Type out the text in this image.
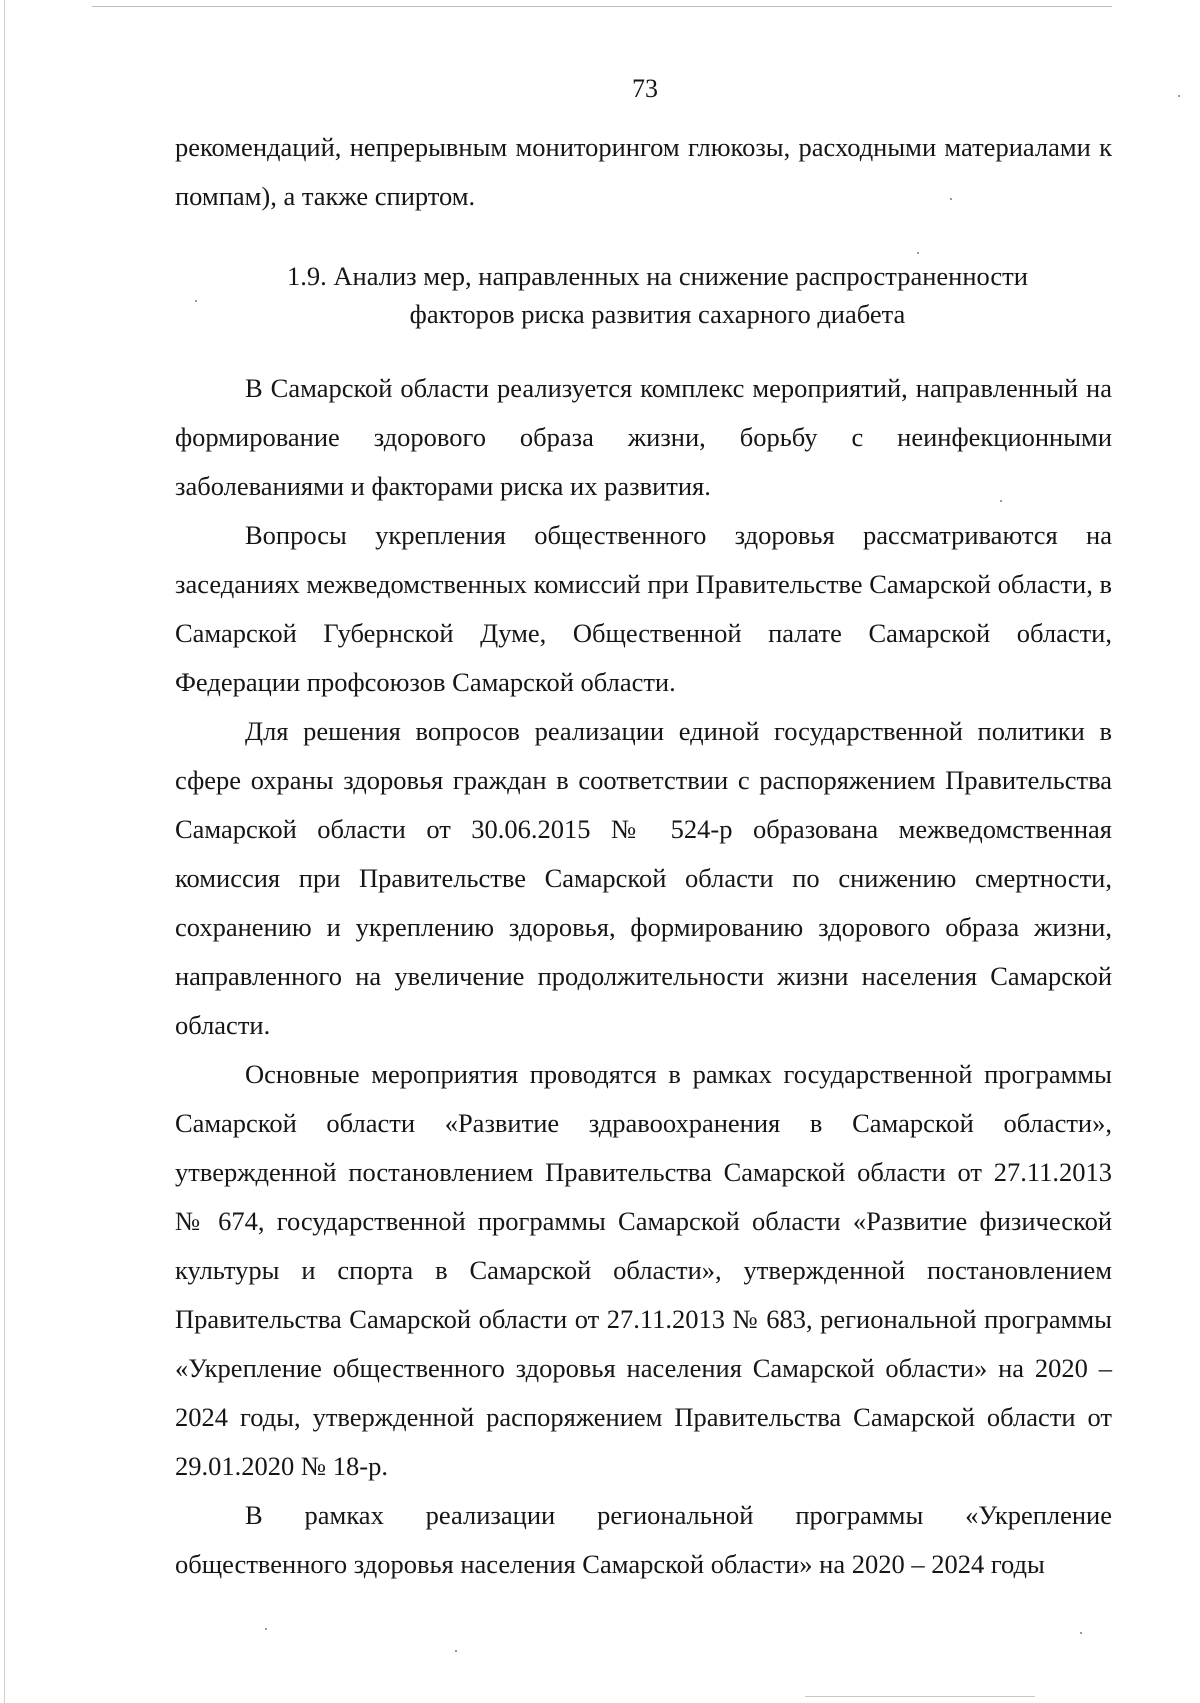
73

рекомендаций, непрерывным мониторингом глюкозы, расходными материалами к помпам), а также спиртом.

1.9. Анализ мер, направленных на снижение распространенности
факторов риска развития сахарного диабета

В Самарской области реализуется комплекс мероприятий, направленный на формирование здорового образа жизни, борьбу с неинфекционными заболеваниями и факторами риска их развития.

Вопросы укрепления общественного здоровья рассматриваются на заседаниях межведомственных комиссий при Правительстве Самарской области, в Самарской Губернской Думе, Общественной палате Самарской области, Федерации профсоюзов Самарской области.

Для решения вопросов реализации единой государственной политики в сфере охраны здоровья граждан в соответствии с распоряжением Правительства Самарской области от 30.06.2015 № 524-р образована межведомственная комиссия при Правительстве Самарской области по снижению смертности, сохранению и укреплению здоровья, формированию здорового образа жизни, направленного на увеличение продолжительности жизни населения Самарской области.

Основные мероприятия проводятся в рамках государственной программы Самарской области «Развитие здравоохранения в Самарской области», утвержденной постановлением Правительства Самарской области от 27.11.2013 № 674, государственной программы Самарской области «Развитие физической культуры и спорта в Самарской области», утвержденной постановлением Правительства Самарской области от 27.11.2013 № 683, региональной программы «Укрепление общественного здоровья населения Самарской области» на 2020 – 2024 годы, утвержденной распоряжением Правительства Самарской области от 29.01.2020 № 18-р.

В рамках реализации региональной программы «Укрепление общественного здоровья населения Самарской области» на 2020 – 2024 годы
